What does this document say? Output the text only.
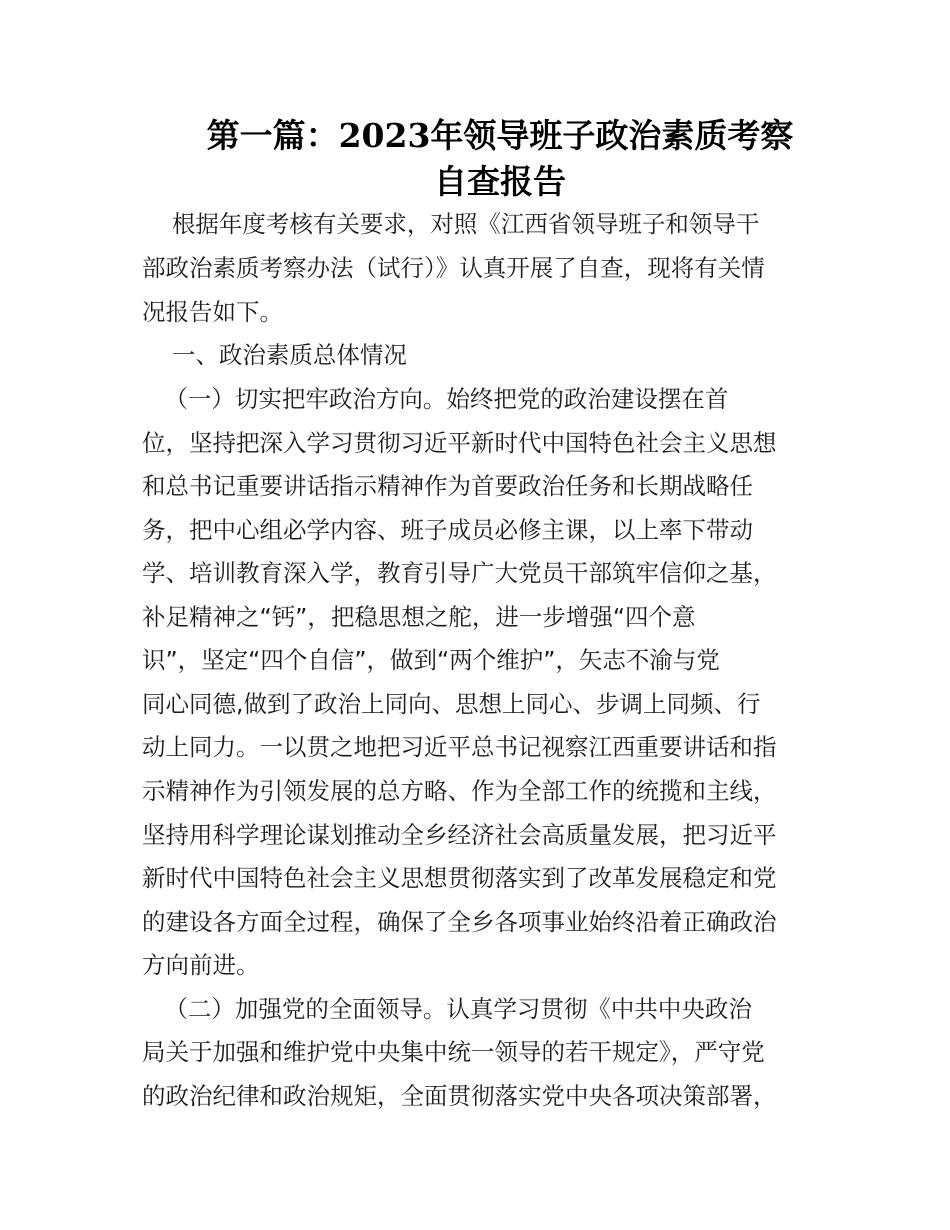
第一篇：2023年领导班子政治素质考察
自查报告
根据年度考核有关要求，对照《江西省领导班子和领导干
部政治素质考察办法（试行）》认真开展了自查，现将有关情
况报告如下。
一、政治素质总体情况
（一）切实把牢政治方向。始终把党的政治建设摆在首
位，坚持把深入学习贯彻习近平新时代中国特色社会主义思想
和总书记重要讲话指示精神作为首要政治任务和长期战略任
务，把中心组必学内容、班子成员必修主课，以上率下带动
学、培训教育深入学，教育引导广大党员干部筑牢信仰之基，
补足精神之“钙”，把稳思想之舵，进一步增强“四个意
识”，坚定“四个自信”，做到“两个维护”，矢志不渝与党
同心同德,做到了政治上同向、思想上同心、步调上同频、行
动上同力。一以贯之地把习近平总书记视察江西重要讲话和指
示精神作为引领发展的总方略、作为全部工作的统揽和主线，
坚持用科学理论谋划推动全乡经济社会高质量发展，把习近平
新时代中国特色社会主义思想贯彻落实到了改革发展稳定和党
的建设各方面全过程，确保了全乡各项事业始终沿着正确政治
方向前进。
（二）加强党的全面领导。认真学习贯彻《中共中央政治
局关于加强和维护党中央集中统一领导的若干规定》，严守党
的政治纪律和政治规矩，全面贯彻落实党中央各项决策部署，
